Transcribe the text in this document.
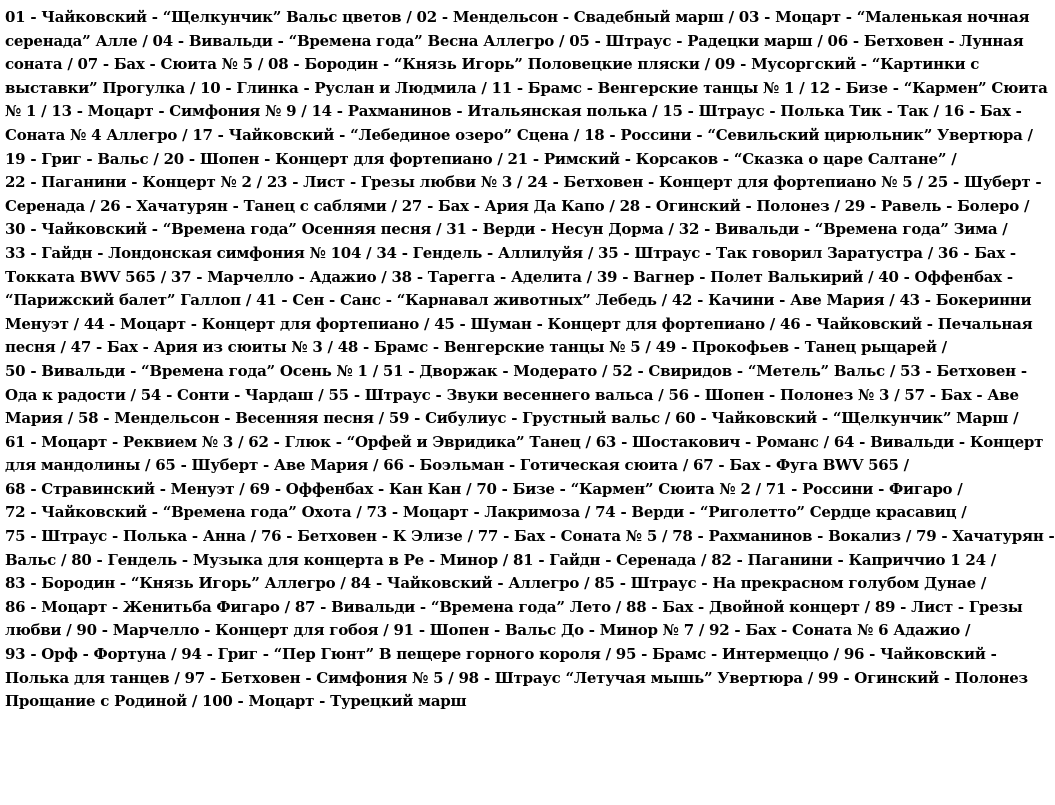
01 - Чайковский - “Щелкунчик” Вальс цветов / 02 - Мендельсон - Свадебный марш / 03 - Моцарт - “Маленькая ночная
серенада” Алле / 04 - Вивальди - “Времена года” Весна Аллегро / 05 - Штраус - Радецки марш / 06 - Бетховен - Лунная
соната / 07 - Бах - Сюита № 5 / 08 - Бородин - “Князь Игорь” Половецкие пляски / 09 - Мусоргский - “Картинки с
выставки” Прогулка / 10 - Глинка - Руслан и Людмила / 11 - Брамс - Венгерские танцы № 1 / 12 - Бизе - “Кармен” Сюита
№ 1 / 13 - Моцарт - Симфония № 9 / 14 - Рахманинов - Итальянская полька / 15 - Штраус - Полька Тик - Так / 16 - Бах -
Соната № 4 Аллегро / 17 - Чайковский - “Лебединое озеро” Сцена / 18 - Россини - “Севильский цирюльник” Увертюра /
19 - Григ - Вальс / 20 - Шопен - Концерт для фортепиано / 21 - Римский - Корсаков - “Сказка о царе Салтане” /
22 - Паганини - Концерт № 2 / 23 - Лист - Грезы любви № 3 / 24 - Бетховен - Концерт для фортепиано № 5 / 25 - Шуберт -
Серенада / 26 - Хачатурян - Танец с саблями / 27 - Бах - Ария Да Капо / 28 - Огинский - Полонез / 29 - Равель - Болеро /
30 - Чайковский - “Времена года” Осенняя песня / 31 - Верди - Несун Дорма / 32 - Вивальди - “Времена года” Зима /
33 - Гайдн - Лондонская симфония № 104 / 34 - Гендель - Аллилуйя / 35 - Штраус - Так говорил Заратустра / 36 - Бах -
Токката BWV 565 / 37 - Марчелло - Адажио / 38 - Тарегга - Аделита / 39 - Вагнер - Полет Валькирий / 40 - Оффенбах -
“Парижский балет” Галлоп / 41 - Сен - Санс - “Карнавал животных” Лебедь / 42 - Качини - Аве Мария / 43 - Бокеринни
Менуэт / 44 - Моцарт - Концерт для фортепиано / 45 - Шуман - Концерт для фортепиано / 46 - Чайковский - Печальная
песня / 47 - Бах - Ария из сюиты № 3 / 48 - Брамс - Венгерские танцы № 5 / 49 - Прокофьев - Танец рыцарей /
50 - Вивальди - “Времена года” Осень № 1 / 51 - Дворжак - Модерато / 52 - Свиридов - “Метель” Вальс / 53 - Бетховен -
Ода к радости / 54 - Сонти - Чардаш / 55 - Штраус - Звуки весеннего вальса / 56 - Шопен - Полонез № 3 / 57 - Бах - Аве
Мария / 58 - Мендельсон - Весенняя песня / 59 - Сибулиус - Грустный вальс / 60 - Чайковский - “Щелкунчик” Марш /
61 - Моцарт - Реквием № 3 / 62 - Глюк - “Орфей и Эвридика” Танец / 63 - Шостакович - Романс / 64 - Вивальди - Концерт
для мандолины / 65 - Шуберт - Аве Мария / 66 - Боэльман - Готическая сюита / 67 - Бах - Фуга BWV 565 /
68 - Стравинский - Менуэт / 69 - Оффенбах - Кан Кан / 70 - Бизе - “Кармен” Сюита № 2 / 71 - Россини - Фигаро /
72 - Чайковский - “Времена года” Охота / 73 - Моцарт - Лакримоза / 74 - Верди - “Риголетто” Сердце красавиц /
75 - Штраус - Полька - Анна / 76 - Бетховен - К Элизе / 77 - Бах - Соната № 5 / 78 - Рахманинов - Вокализ / 79 - Хачатурян -
Вальс / 80 - Гендель - Музыка для концерта в Ре - Минор / 81 - Гайдн - Серенада / 82 - Паганини - Каприччио 1 24 /
83 - Бородин - “Князь Игорь” Аллегро / 84 - Чайковский - Аллегро / 85 - Штраус - На прекрасном голубом Дунае /
86 - Моцарт - Женитьба Фигаро / 87 - Вивальди - “Времена года” Лето / 88 - Бах - Двойной концерт / 89 - Лист - Грезы
любви / 90 - Марчелло - Концерт для гобоя / 91 - Шопен - Вальс До - Минор № 7 / 92 - Бах - Соната № 6 Адажио /
93 - Орф - Фортуна / 94 - Григ - “Пер Гюнт” В пещере горного короля / 95 - Брамс - Интермеццо / 96 - Чайковский -
Полька для танцев / 97 - Бетховен - Симфония № 5 / 98 - Штраус “Летучая мышь” Увертюра / 99 - Огинский - Полонез
Прощание с Родиной / 100 - Моцарт - Турецкий марш
